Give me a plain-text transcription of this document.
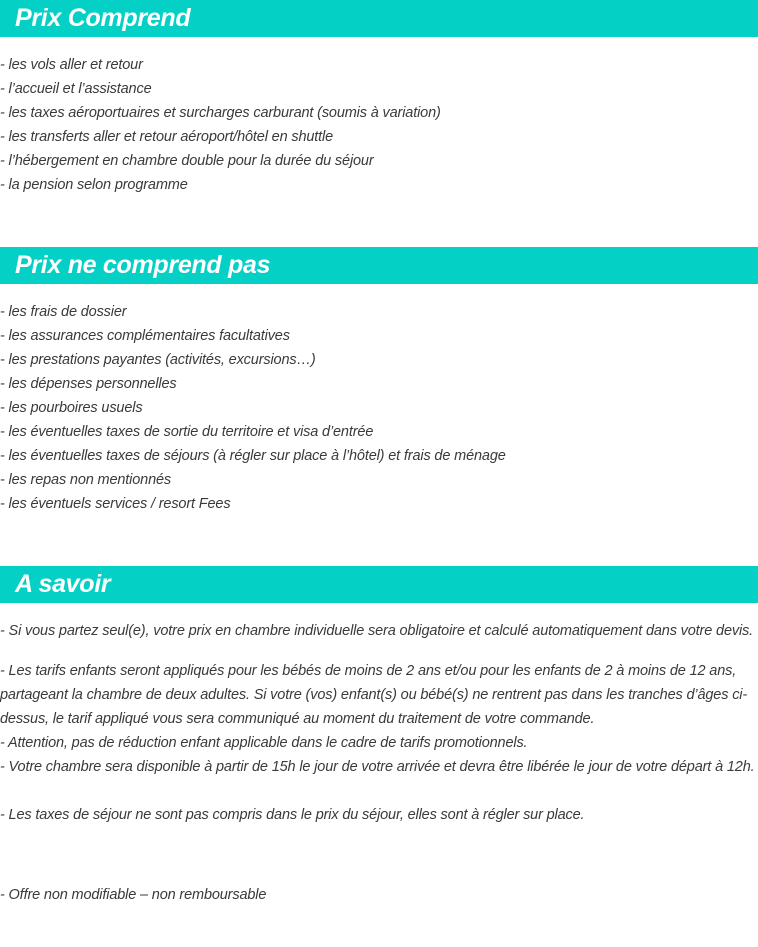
Prix Comprend
- les vols aller et retour
- l’accueil et l’assistance
- les taxes aéroportuaires et surcharges carburant (soumis à variation)
- les transferts aller et retour aéroport/hôtel en shuttle
- l’hébergement en chambre double pour la durée du séjour
- la pension selon programme
Prix ne comprend pas
- les frais de dossier
- les assurances complémentaires facultatives
- les prestations payantes (activités, excursions…)
- les dépenses personnelles
- les pourboires usuels
- les éventuelles taxes de sortie du territoire et visa d’entrée
- les éventuelles taxes de séjours (à régler sur place à l’hôtel) et frais de ménage
- les repas non mentionnés
- les éventuels services / resort Fees
A savoir

- Si vous partez seul(e), votre prix en chambre individuelle sera obligatoire et calculé automatiquement dans votre devis.

- Les tarifs enfants seront appliqués pour les bébés de moins de 2 ans et/ou pour les enfants de 2 à moins de 12 ans, partageant la chambre de deux adultes. Si votre (vos) enfant(s) ou bébé(s) ne rentrent pas dans les tranches d’âges ci-dessus, le tarif appliqué vous sera communiqué au moment du traitement de votre commande.

- Attention, pas de réduction enfant applicable dans le cadre de tarifs promotionnels.

- Votre chambre sera disponible à partir de 15h le jour de votre arrivée et devra être libérée le jour de votre départ à 12h.

- Les taxes de séjour ne sont pas compris dans le prix du séjour, elles sont à régler sur place.

- Offre non modifiable – non remboursable
